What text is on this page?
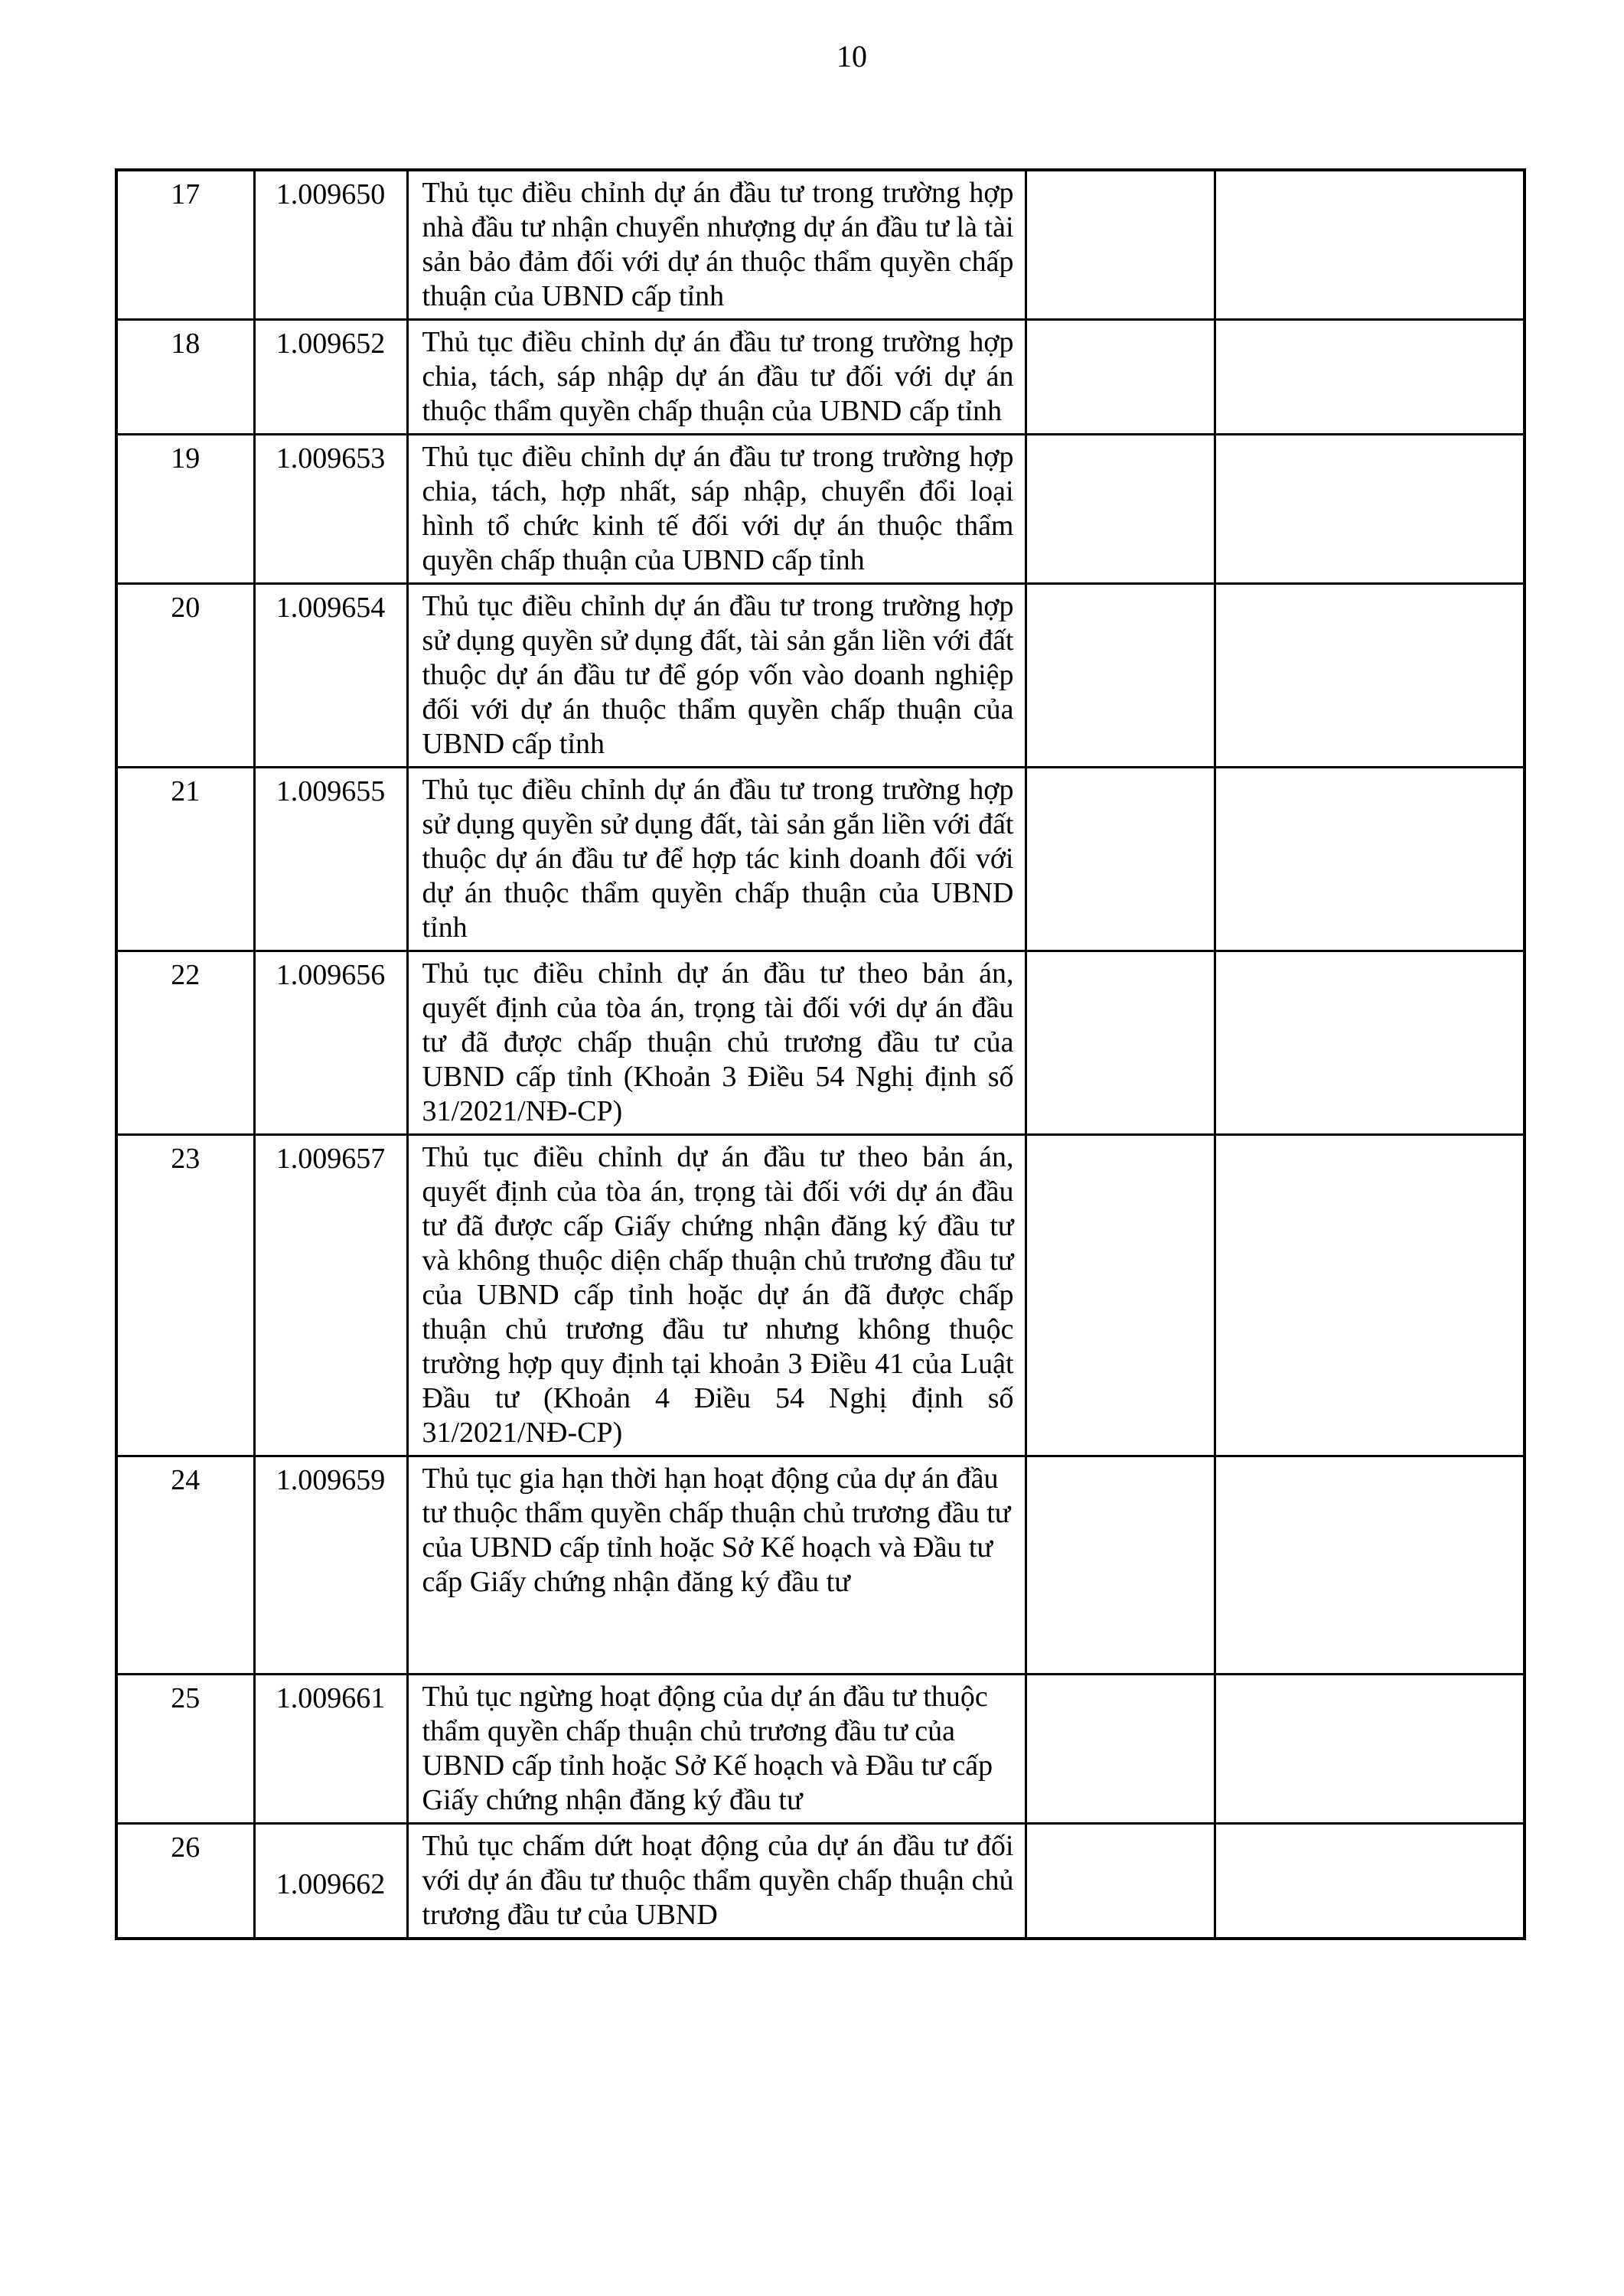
10
17	1.009650	Thủ tục điều chỉnh dự án đầu tư trong trường hợp nhà đầu tư nhận chuyển nhượng dự án đầu tư là tài sản bảo đảm đối với dự án thuộc thẩm quyền chấp thuận của UBND cấp tỉnh		
18	1.009652	Thủ tục điều chỉnh dự án đầu tư trong trường hợp chia, tách, sáp nhập dự án đầu tư đối với dự án thuộc thẩm quyền chấp thuận của UBND cấp tỉnh		
19	1.009653	Thủ tục điều chỉnh dự án đầu tư trong trường hợp chia, tách, hợp nhất, sáp nhập, chuyển đổi loại hình tổ chức kinh tế đối với dự án thuộc thẩm quyền chấp thuận của UBND cấp tỉnh		
20	1.009654	Thủ tục điều chỉnh dự án đầu tư trong trường hợp sử dụng quyền sử dụng đất, tài sản gắn liền với đất thuộc dự án đầu tư để góp vốn vào doanh nghiệp đối với dự án thuộc thẩm quyền chấp thuận của UBND cấp tỉnh		
21	1.009655	Thủ tục điều chỉnh dự án đầu tư trong trường hợp sử dụng quyền sử dụng đất, tài sản gắn liền với đất thuộc dự án đầu tư để hợp tác kinh doanh đối với dự án thuộc thẩm quyền chấp thuận của UBND tỉnh		
22	1.009656	Thủ tục điều chỉnh dự án đầu tư theo bản án, quyết định của tòa án, trọng tài đối với dự án đầu tư đã được chấp thuận chủ trương đầu tư của UBND cấp tỉnh (Khoản 3 Điều 54 Nghị định số 31/2021/NĐ-CP)		
23	1.009657	Thủ tục điều chỉnh dự án đầu tư theo bản án, quyết định của tòa án, trọng tài đối với dự án đầu tư đã được cấp Giấy chứng nhận đăng ký đầu tư và không thuộc diện chấp thuận chủ trương đầu tư của UBND cấp tỉnh hoặc dự án đã được chấp thuận chủ trương đầu tư nhưng không thuộc trường hợp quy định tại khoản 3 Điều 41 của Luật Đầu tư (Khoản 4 Điều 54 Nghị định số 31/2021/NĐ-CP)		
24	1.009659	Thủ tục gia hạn thời hạn hoạt động của dự án đầu tư thuộc thẩm quyền chấp thuận chủ trương đầu tư của UBND cấp tỉnh hoặc Sở Kế hoạch và Đầu tư cấp Giấy chứng nhận đăng ký đầu tư		
25	1.009661	Thủ tục ngừng hoạt động của dự án đầu tư thuộc thẩm quyền chấp thuận chủ trương đầu tư của UBND cấp tỉnh hoặc Sở Kế hoạch và Đầu tư cấp Giấy chứng nhận đăng ký đầu tư		
26	1.009662	Thủ tục chấm dứt hoạt động của dự án đầu tư đối với dự án đầu tư thuộc thẩm quyền chấp thuận chủ trương đầu tư của UBND		
